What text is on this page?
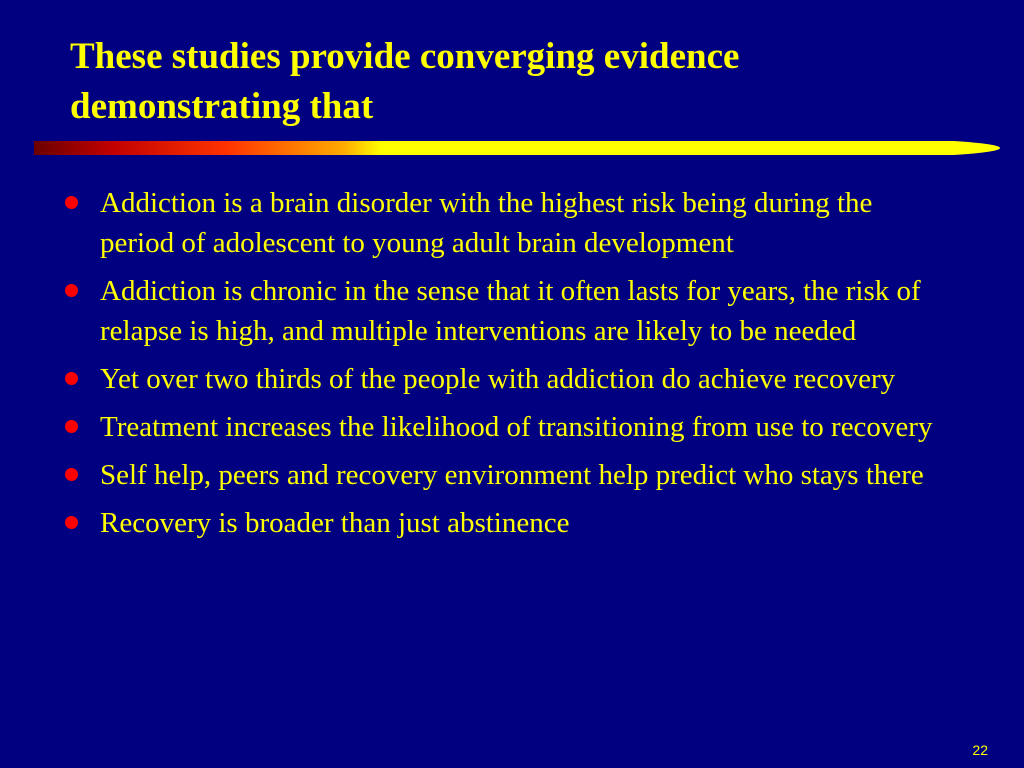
These studies provide converging evidence demonstrating that
Addiction is a brain disorder with the highest risk being during the period of adolescent to young adult brain development
Addiction is chronic in the sense that it often lasts for years, the risk of relapse is high, and multiple interventions are likely to be needed
Yet over two thirds of the people with addiction do achieve recovery
Treatment increases the likelihood of transitioning from use to recovery
Self help, peers and recovery environment help predict who stays there
Recovery is broader than just abstinence
22
